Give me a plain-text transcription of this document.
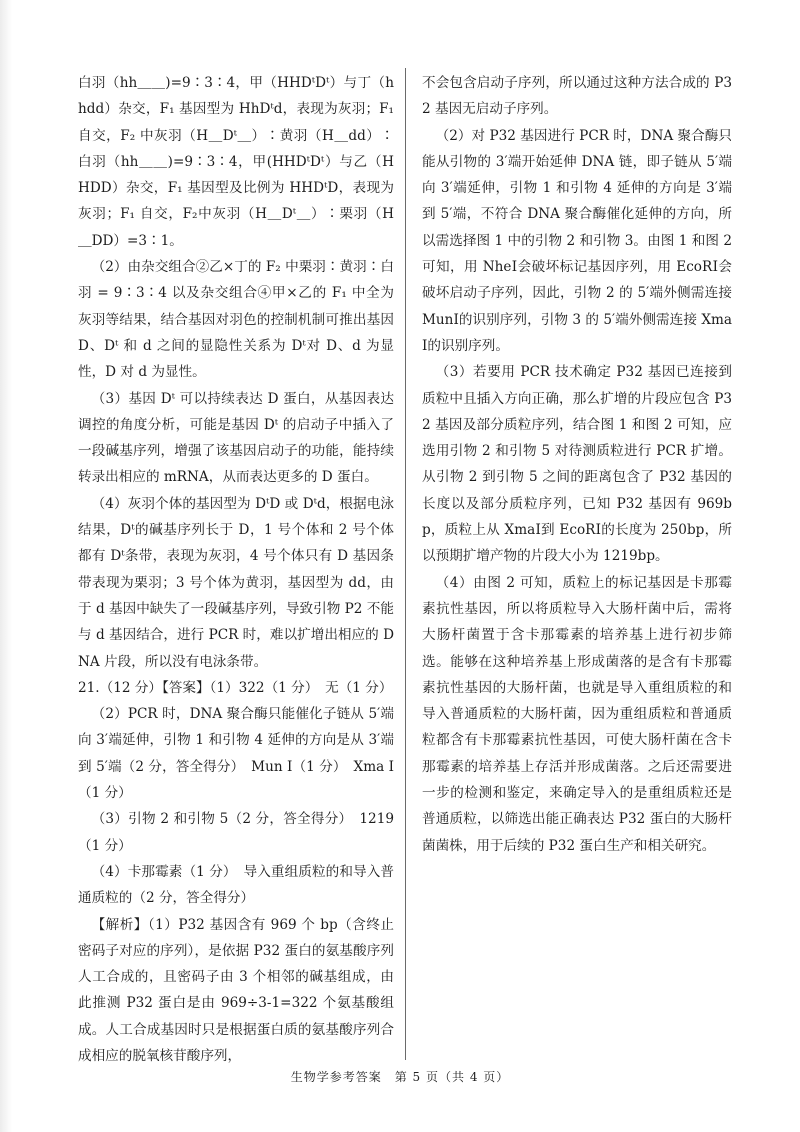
白羽（hh＿＿)=9∶3∶4，甲（HHDᵗDᵗ）与丁（hhdd）杂交，F₁ 基因型为 HhDᵗd，表现为灰羽；F₁ 自交，F₂ 中灰羽（H＿Dᵗ＿）∶黄羽（H＿dd）∶白羽（hh＿＿)=9∶3∶4，甲(HHDᵗDᵗ）与乙（HHDD）杂交，F₁ 基因型及比例为 HHDᵗD，表现为灰羽；F₁ 自交，F₂中灰羽（H＿Dᵗ＿）∶栗羽（H＿DD）=3∶1。

（2）由杂交组合②乙×丁的 F₂ 中栗羽∶黄羽∶白羽 = 9∶3∶4 以及杂交组合④甲×乙的 F₁ 中全为灰羽等结果，结合基因对羽色的控制机制可推出基因 D、Dᵗ 和 d 之间的显隐性关系为 Dᵗ对 D、d 为显性，D 对 d 为显性。

（3）基因 Dᵗ 可以持续表达 D 蛋白，从基因表达调控的角度分析，可能是基因 Dᵗ 的启动子中插入了一段碱基序列，增强了该基因启动子的功能，能持续转录出相应的 mRNA，从而表达更多的 D 蛋白。

（4）灰羽个体的基因型为 DᵗD 或 Dᵗd，根据电泳结果，Dᵗ的碱基序列长于 D，1 号个体和 2 号个体都有 Dᵗ条带，表现为灰羽，4 号个体只有 D 基因条带表现为栗羽；3 号个体为黄羽，基因型为 dd，由于 d 基因中缺失了一段碱基序列，导致引物 P2 不能与 d 基因结合，进行 PCR 时，难以扩增出相应的 DNA 片段，所以没有电泳条带。

21.（12 分）【答案】（1）322（1 分）　无（1 分）

（2）PCR 时，DNA 聚合酶只能催化子链从 5′端向 3′端延伸，引物 1 和引物 4 延伸的方向是从 3′端到 5′端（2 分，答全得分）　Mun Ⅰ（1 分）　Xma Ⅰ（1 分）

（3）引物 2 和引物 5（2 分，答全得分）　1219（1 分）

（4）卡那霉素（1 分）　导入重组质粒的和导入普通质粒的（2 分，答全得分）

【解析】（1）P32 基因含有 969 个 bp（含终止密码子对应的序列），是依据 P32 蛋白的氨基酸序列人工合成的，且密码子由 3 个相邻的碱基组成，由此推测 P32 蛋白是由 969÷3-1=322 个氨基酸组成。人工合成基因时只是根据蛋白质的氨基酸序列合成相应的脱氧核苷酸序列，

不会包含启动子序列，所以通过这种方法合成的 P32 基因无启动子序列。

（2）对 P32 基因进行 PCR 时，DNA 聚合酶只能从引物的 3′端开始延伸 DNA 链，即子链从 5′端向 3′端延伸，引物 1 和引物 4 延伸的方向是 3′端到 5′端，不符合 DNA 聚合酶催化延伸的方向，所以需选择图 1 中的引物 2 和引物 3。由图 1 和图 2 可知，用 NheⅠ会破坏标记基因序列，用 EcoRⅠ会破坏启动子序列，因此，引物 2 的 5′端外侧需连接 MunⅠ的识别序列，引物 3 的 5′端外侧需连接 XmaⅠ的识别序列。

（3）若要用 PCR 技术确定 P32 基因已连接到质粒中且插入方向正确，那么扩增的片段应包含 P32 基因及部分质粒序列，结合图 1 和图 2 可知，应选用引物 2 和引物 5 对待测质粒进行 PCR 扩增。从引物 2 到引物 5 之间的距离包含了 P32 基因的长度以及部分质粒序列，已知 P32 基因有 969bp，质粒上从 XmaⅠ到 EcoRⅠ的长度为 250bp，所以预期扩增产物的片段大小为 1219bp。

（4）由图 2 可知，质粒上的标记基因是卡那霉素抗性基因，所以将质粒导入大肠杆菌中后，需将大肠杆菌置于含卡那霉素的培养基上进行初步筛选。能够在这种培养基上形成菌落的是含有卡那霉素抗性基因的大肠杆菌，也就是导入重组质粒的和导入普通质粒的大肠杆菌，因为重组质粒和普通质粒都含有卡那霉素抗性基因，可使大肠杆菌在含卡那霉素的培养基上存活并形成菌落。之后还需要进一步的检测和鉴定，来确定导入的是重组质粒还是普通质粒，以筛选出能正确表达 P32 蛋白的大肠杆菌菌株，用于后续的 P32 蛋白生产和相关研究。

生物学参考答案　第 5 页（共 4 页）
